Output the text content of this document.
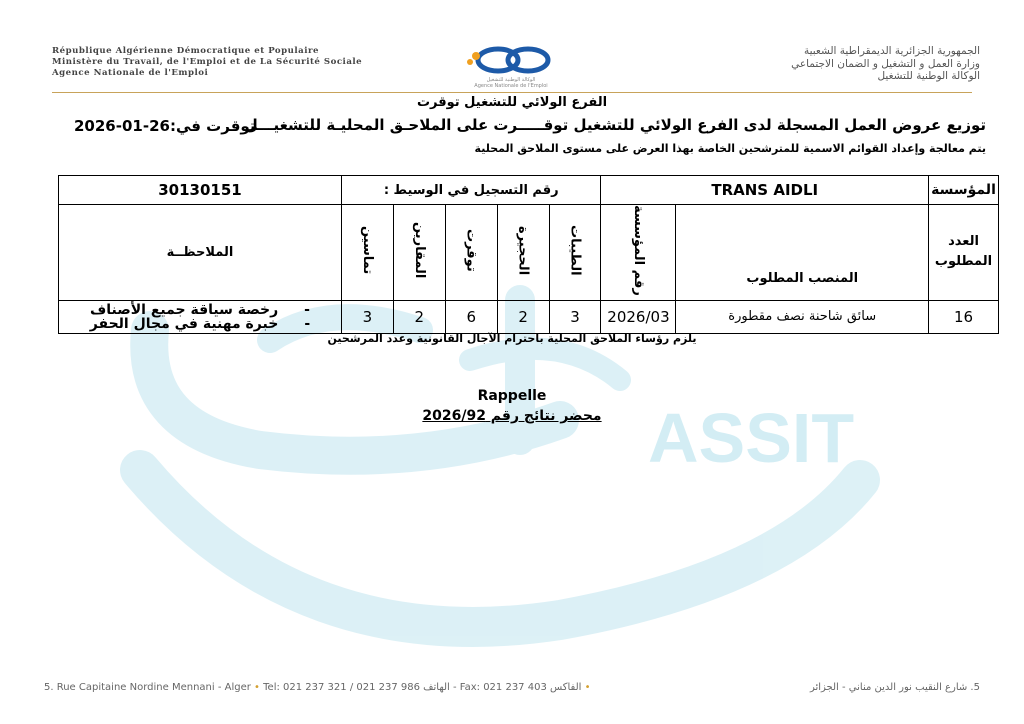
ASSIT
République Algérienne Démocratique et Populaire
Ministère du Travail, de l'Emploi et de La Sécurité Sociale
Agence Nationale de l'Emploi
الوكالة الوطنية للتشغيل
Agence Nationale de l'Emploi
الجمهورية الجزائرية الديمقراطية الشعبية
وزارة العمل و التشغيل و الضمان الاجتماعي
الوكالة الوطنية للتشغيل
الفرع الولائي للتشغيل توقرت
توقرت في:26-01-2026
توزيع عروض العمل المسجلة لدى الفرع الولائي للتشغيل توقـــــرت على الملاحـق المحليـة للتشغيـــل
يتم معالجة وإعداد القوائم الاسمية للمترشحين الخاصة بهذا العرض على مستوى الملاحق المحلية
المؤسسة	TRANS AIDLI		رقم التسجيل في الوسيط :					30130151
العدد المطلوب	المنصب المطلوب	رقم المؤسسة	الطيبات	الحجيرة	توقرت	المقارين	تماسين	الملاحظــة
16	سائق شاحنة نصف مقطورة	2026/03	3	2	6	2	3	-رخصة سياقة جميع الأصناف
-خبرة مهنية في مجال الحفر
يلزم رؤساء الملاحق المحلية باحترام الآجال القانونية وعدد المرشحين
Rappelle
محضر نتائج رقم 2026/92
5. Rue Capitaine Nordine Mennani - Alger • Tel: 021 237 321 / 021 237 986 الهاتف - Fax: 021 237 403 الفاكس •	5. شارع النقيب نور الدين مناني - الجزائر
